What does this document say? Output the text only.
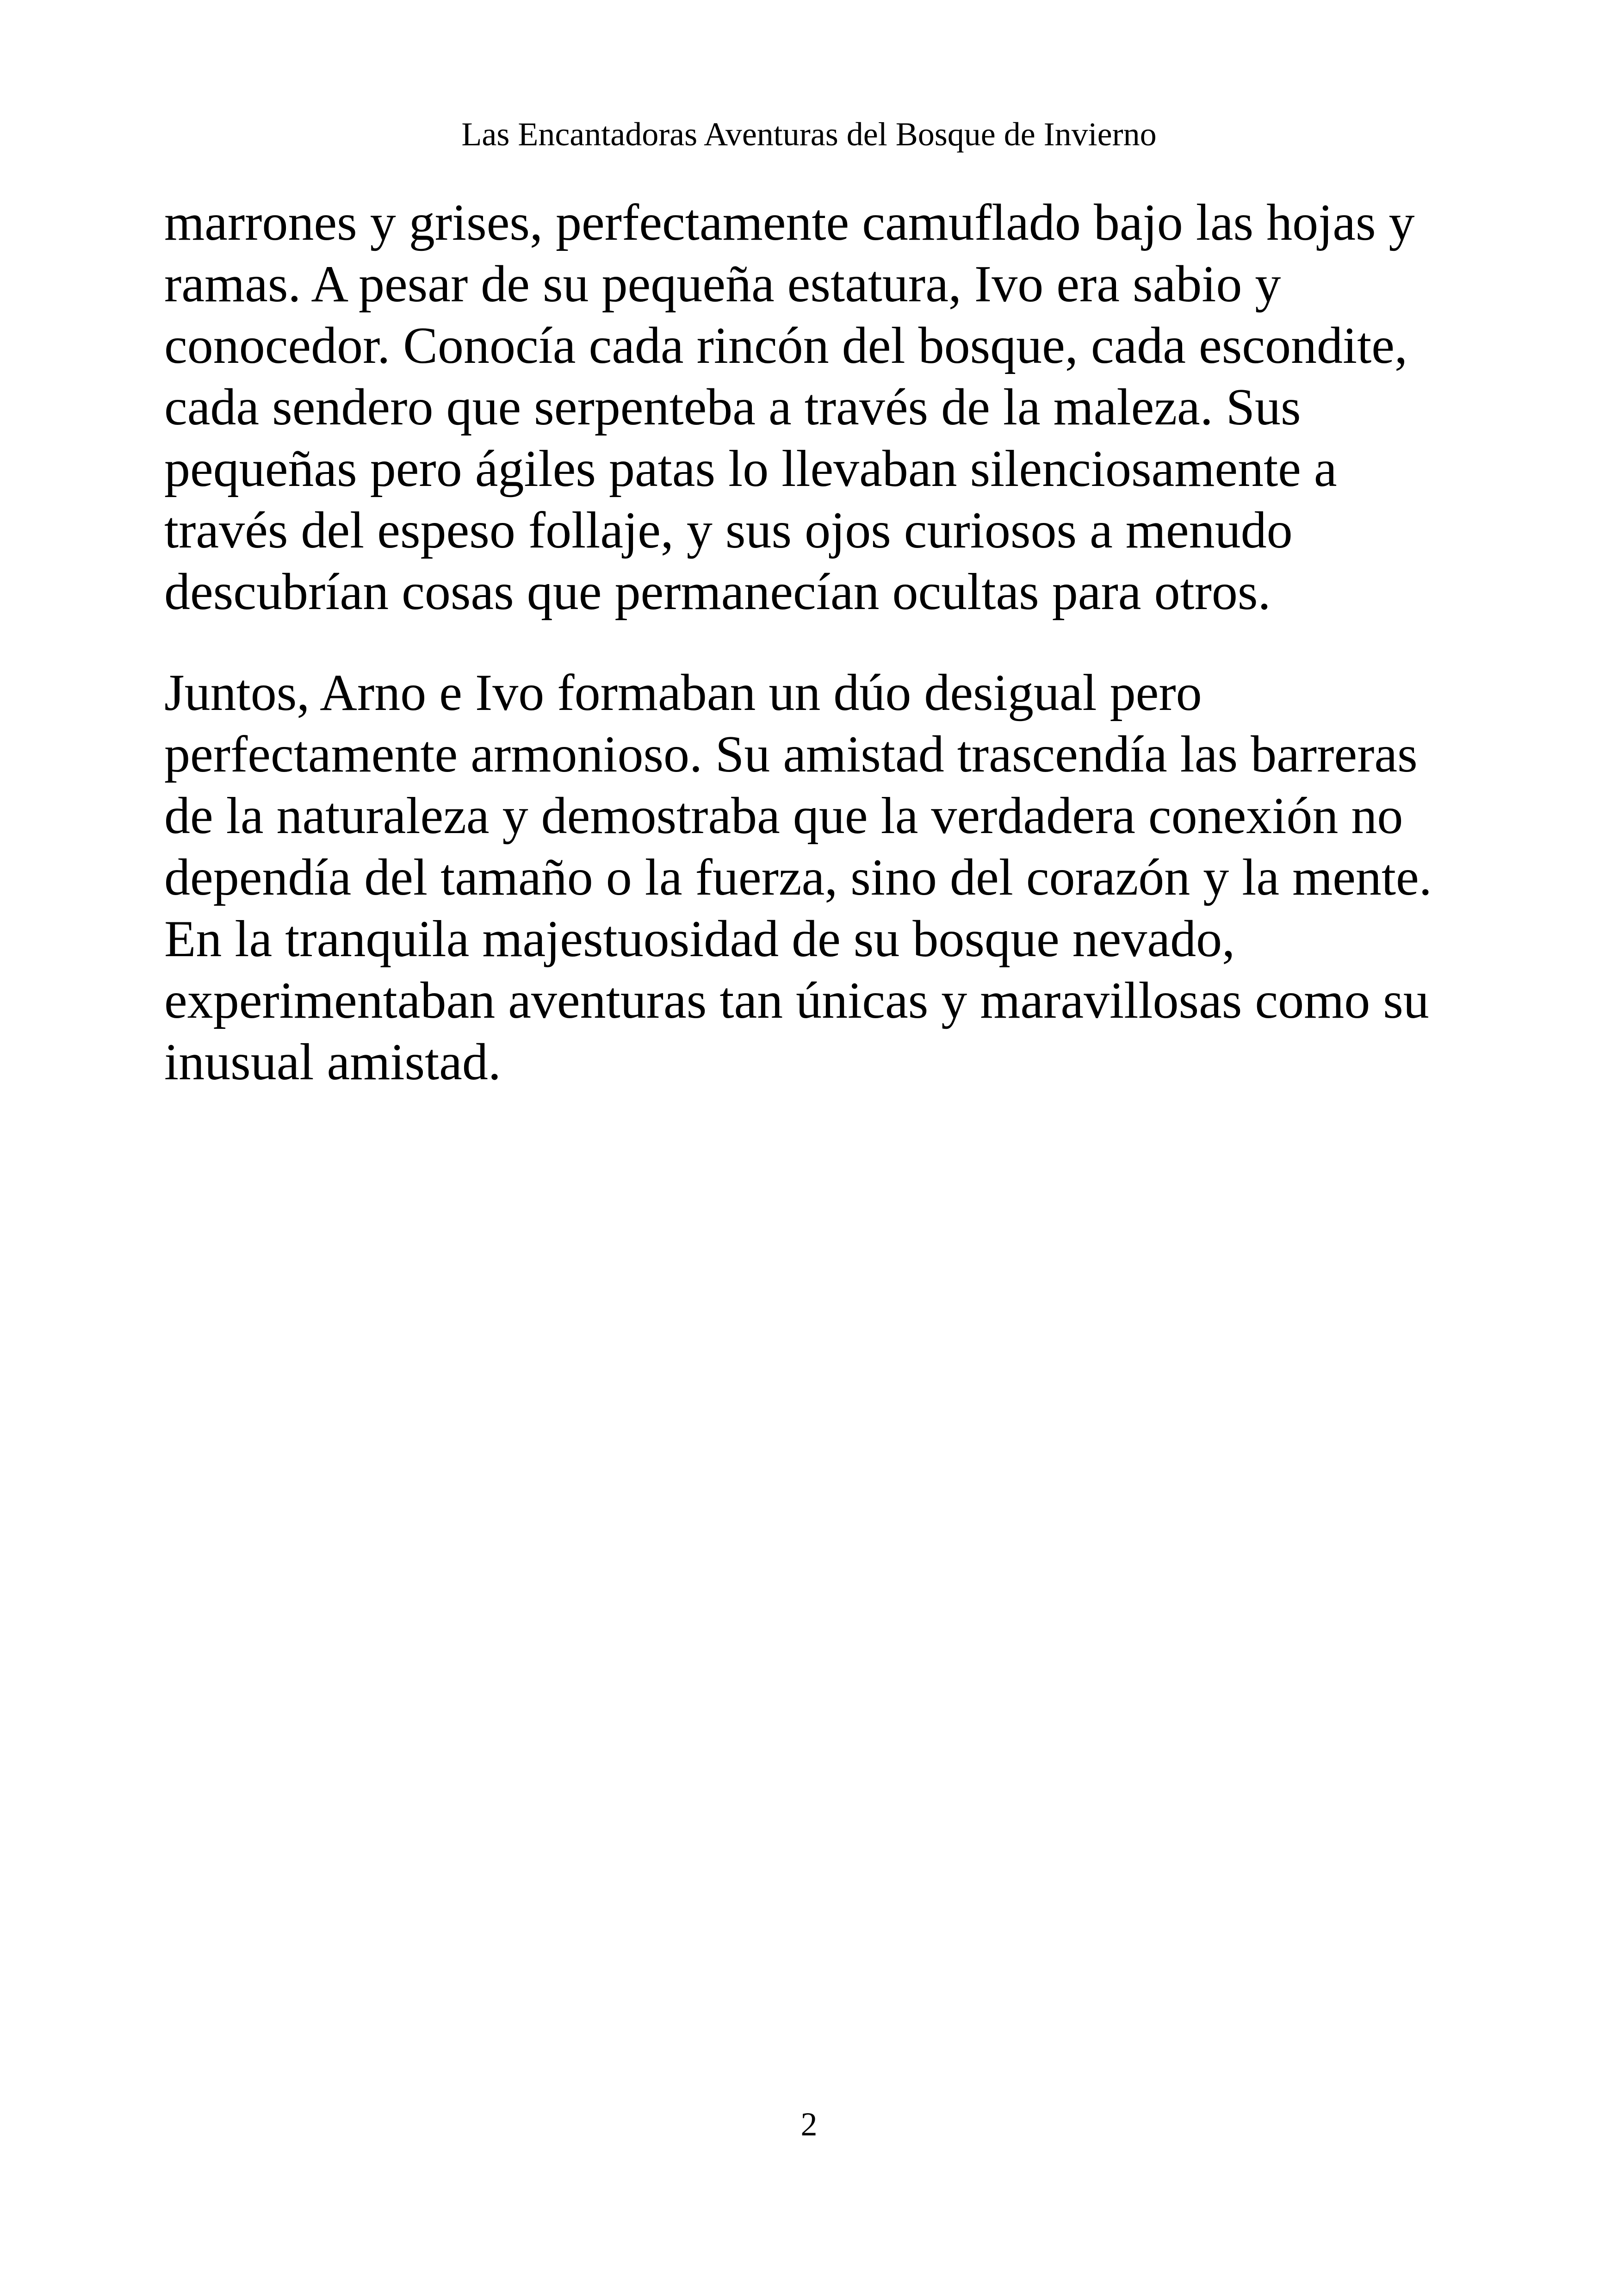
Las Encantadoras Aventuras del Bosque de Invierno

marrones y grises, perfectamente camuflado bajo las hojas y ramas. A pesar de su pequeña estatura, Ivo era sabio y conocedor. Conocía cada rincón del bosque, cada escondite, cada sendero que serpenteba a través de la maleza. Sus pequeñas pero ágiles patas lo llevaban silenciosamente a través del espeso follaje, y sus ojos curiosos a menudo descubrían cosas que permanecían ocultas para otros.

Juntos, Arno e Ivo formaban un dúo desigual pero perfectamente armonioso. Su amistad trascendía las barreras de la naturaleza y demostraba que la verdadera conexión no dependía del tamaño o la fuerza, sino del corazón y la mente. En la tranquila majestuosidad de su bosque nevado, experimentaban aventuras tan únicas y maravillosas como su inusual amistad.

2
